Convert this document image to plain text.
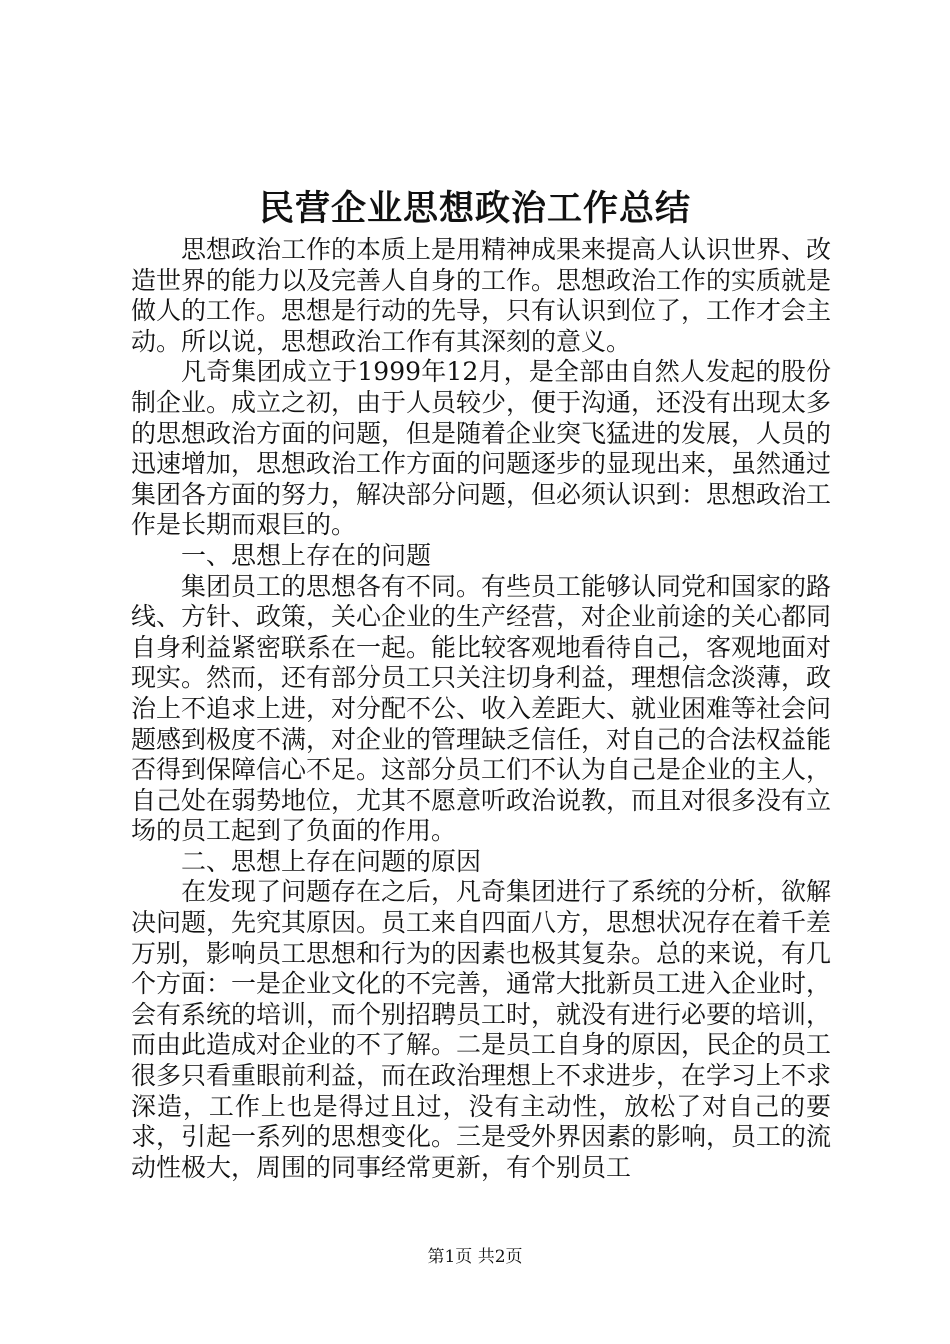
民营企业思想政治工作总结

思想政治工作的本质上是用精神成果来提高人认识世界、改造世界的能力以及完善人自身的工作。思想政治工作的实质就是做人的工作。思想是行动的先导，只有认识到位了，工作才会主动。所以说，思想政治工作有其深刻的意义。

凡奇集团成立于1999年12月，是全部由自然人发起的股份制企业。成立之初，由于人员较少，便于沟通，还没有出现太多的思想政治方面的问题，但是随着企业突飞猛进的发展，人员的迅速增加，思想政治工作方面的问题逐步的显现出来，虽然通过集团各方面的努力，解决部分问题，但必须认识到：思想政治工作是长期而艰巨的。

一、思想上存在的问题

集团员工的思想各有不同。有些员工能够认同党和国家的路线、方针、政策，关心企业的生产经营，对企业前途的关心都同自身利益紧密联系在一起。能比较客观地看待自己，客观地面对现实。然而，还有部分员工只关注切身利益，理想信念淡薄，政治上不追求上进，对分配不公、收入差距大、就业困难等社会问题感到极度不满，对企业的管理缺乏信任，对自己的合法权益能否得到保障信心不足。这部分员工们不认为自己是企业的主人，自己处在弱势地位，尤其不愿意听政治说教，而且对很多没有立场的员工起到了负面的作用。

二、思想上存在问题的原因

在发现了问题存在之后，凡奇集团进行了系统的分析，欲解决问题，先究其原因。员工来自四面八方，思想状况存在着千差万别，影响员工思想和行为的因素也极其复杂。总的来说，有几个方面：一是企业文化的不完善，通常大批新员工进入企业时，会有系统的培训，而个别招聘员工时，就没有进行必要的培训，而由此造成对企业的不了解。二是员工自身的原因，民企的员工很多只看重眼前利益，而在政治理想上不求进步，在学习上不求深造，工作上也是得过且过，没有主动性，放松了对自己的要求，引起一系列的思想变化。三是受外界因素的影响，员工的流动性极大，周围的同事经常更新，有个别员工

第1页 共2页
